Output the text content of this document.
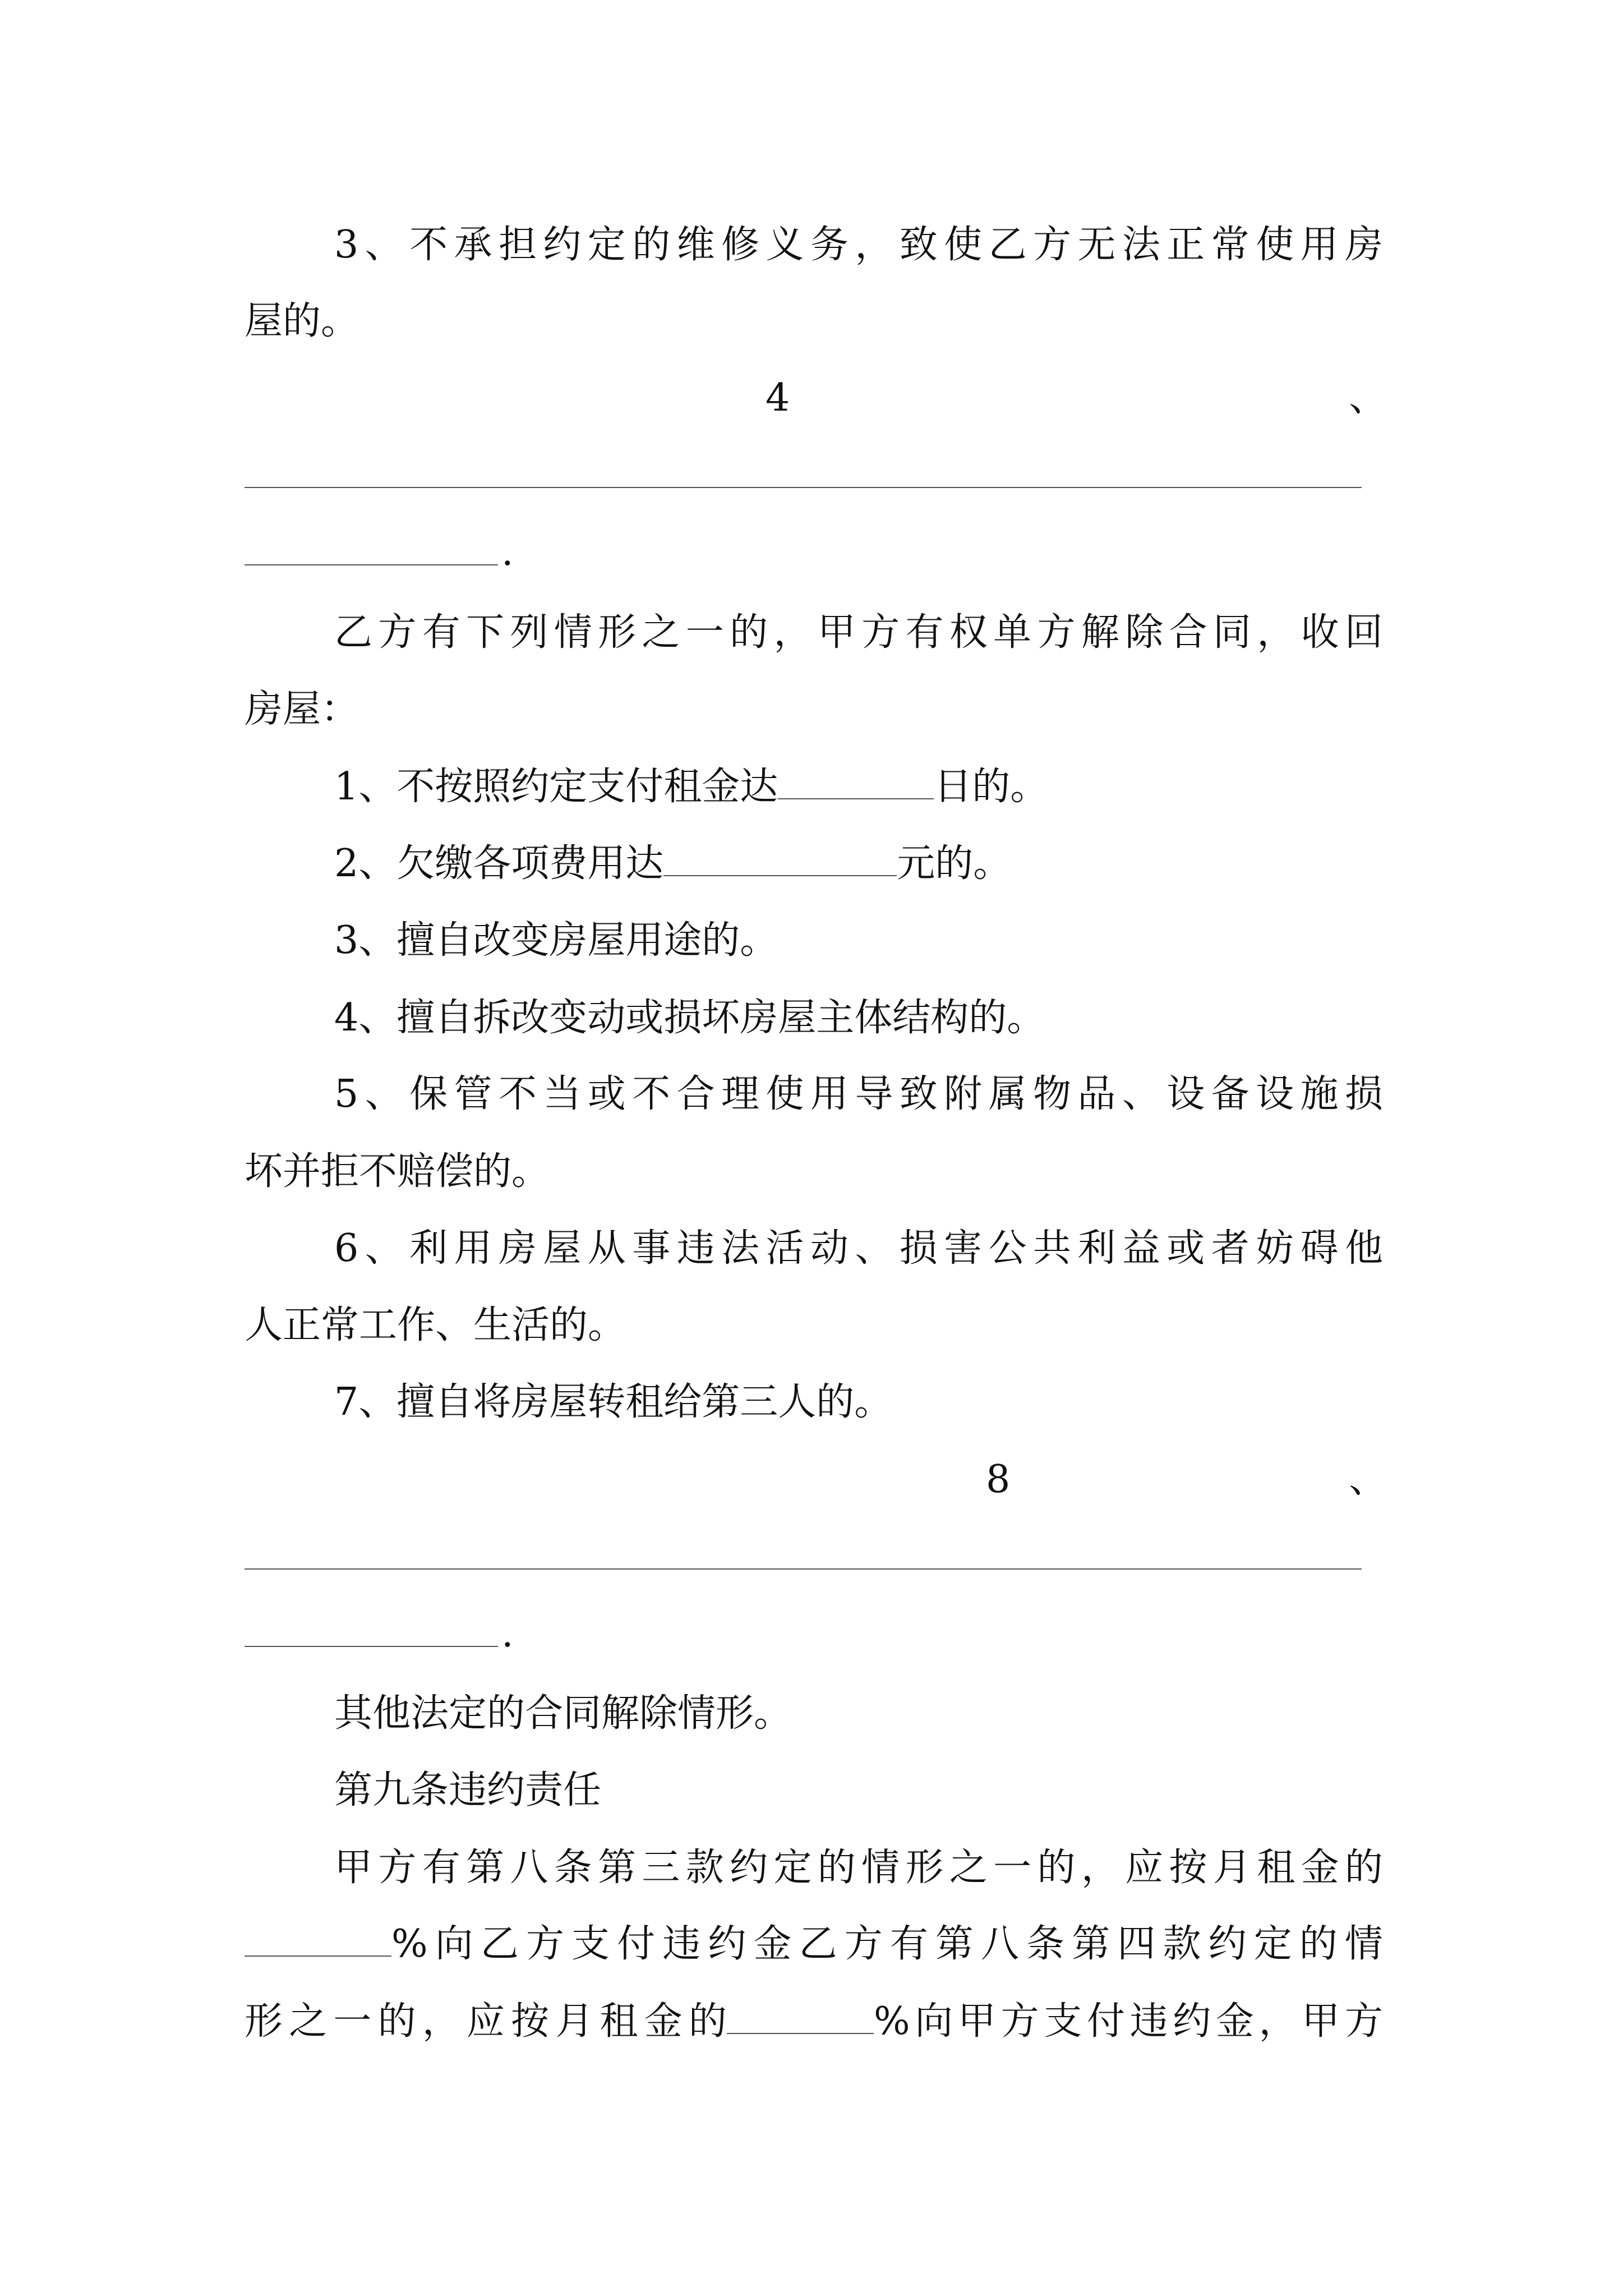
3 、 不 承 担 约 定 的 维 修 义 务 ， 致 使 乙 方 无 法 正 常 使 用 房
屋的。
4	、
.
乙 方 有 下 列 情 形 之 一 的 ， 甲 方 有 权 单 方 解 除 合 同 ， 收 回
房屋：
1、不按照约定支付租金达	日的。
2、欠缴各项费用达	元的。
3、擅自改变房屋用途的。
4、擅自拆改变动或损坏房屋主体结构的。
5 、 保 管 不 当 或 不 合 理 使 用 导 致 附 属 物 品 、 设 备 设 施 损
坏并拒不赔偿的。
6 、 利 用 房 屋 从 事 违 法 活 动 、 损 害 公 共 利 益 或 者 妨 碍 他
人正常工作、生活的。
7、擅自将房屋转租给第三人的。
8	、
.
其他法定的合同解除情形。
第九条违约责任
甲 方 有 第 八 条 第 三 款 约 定 的 情 形 之 一 的 ， 应 按 月 租 金 的
% 向 乙 方 支 付 违 约 金 乙 方 有 第 八 条 第 四 款 约 定 的 情
形 之 一 的 ， 应 按 月 租 金 的	% 向 甲 方 支 付 违 约 金 ， 甲 方
